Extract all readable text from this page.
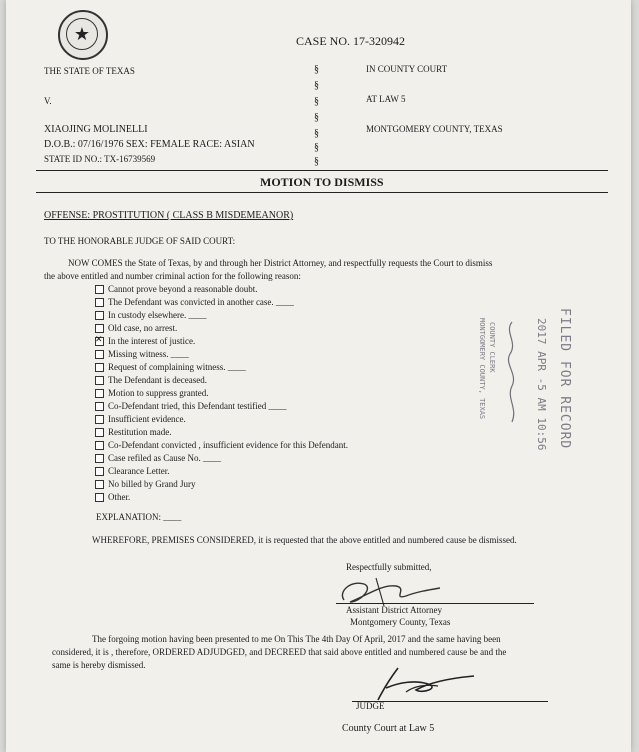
★	CASE NO. 17-320942
THE STATE OF TEXAS
V.
XIAOJING MOLINELLI
D.O.B.: 07/16/1976 SEX: FEMALE RACE: ASIAN
STATE ID NO.: TX-16739569
§
§
§
§
§
§
§
IN COUNTY COURT
AT LAW 5
MONTGOMERY COUNTY, TEXAS
MOTION TO DISMISS
OFFENSE: PROSTITUTION ( CLASS B MISDEMEANOR)
TO THE HONORABLE JUDGE OF SAID COURT:
NOW COMES the State of Texas, by and through her District Attorney, and respectfully requests the Court to dismiss
the above entitled and number criminal action for the following reason:
Cannot prove beyond a reasonable doubt.
The Defendant was convicted in another case. ____
In custody elsewhere. ____
Old case, no arrest.
✕
In the interest of justice.
Missing witness. ____
Request of complaining witness. ____
The Defendant is deceased.
Motion to suppress granted.
Co-Defendant tried, this Defendant testified ____
Insufficient evidence.
Restitution made.
Co-Defendant convicted , insufficient evidence for this Defendant.
Case refiled as Cause No. ____
Clearance Letter.
No billed by Grand Jury
Other.
EXPLANATION: ____
WHEREFORE, PREMISES CONSIDERED, it is requested that the above entitled and numbered cause be dismissed.
Respectfully submitted,
Assistant District Attorney
Montgomery County, Texas
The forgoing motion having been presented to me On This The 4th Day Of April, 2017 and the same having been
considered, it is , therefore, ORDERED ADJUDGED, and DECREED that said above entitled and numbered cause be and the
same is hereby dismissed.
JUDGE
County Court at Law 5
FILED FOR RECORD
2017 APR -5 AM 10:56
COUNTY CLERK
MONTGOMERY COUNTY, TEXAS
